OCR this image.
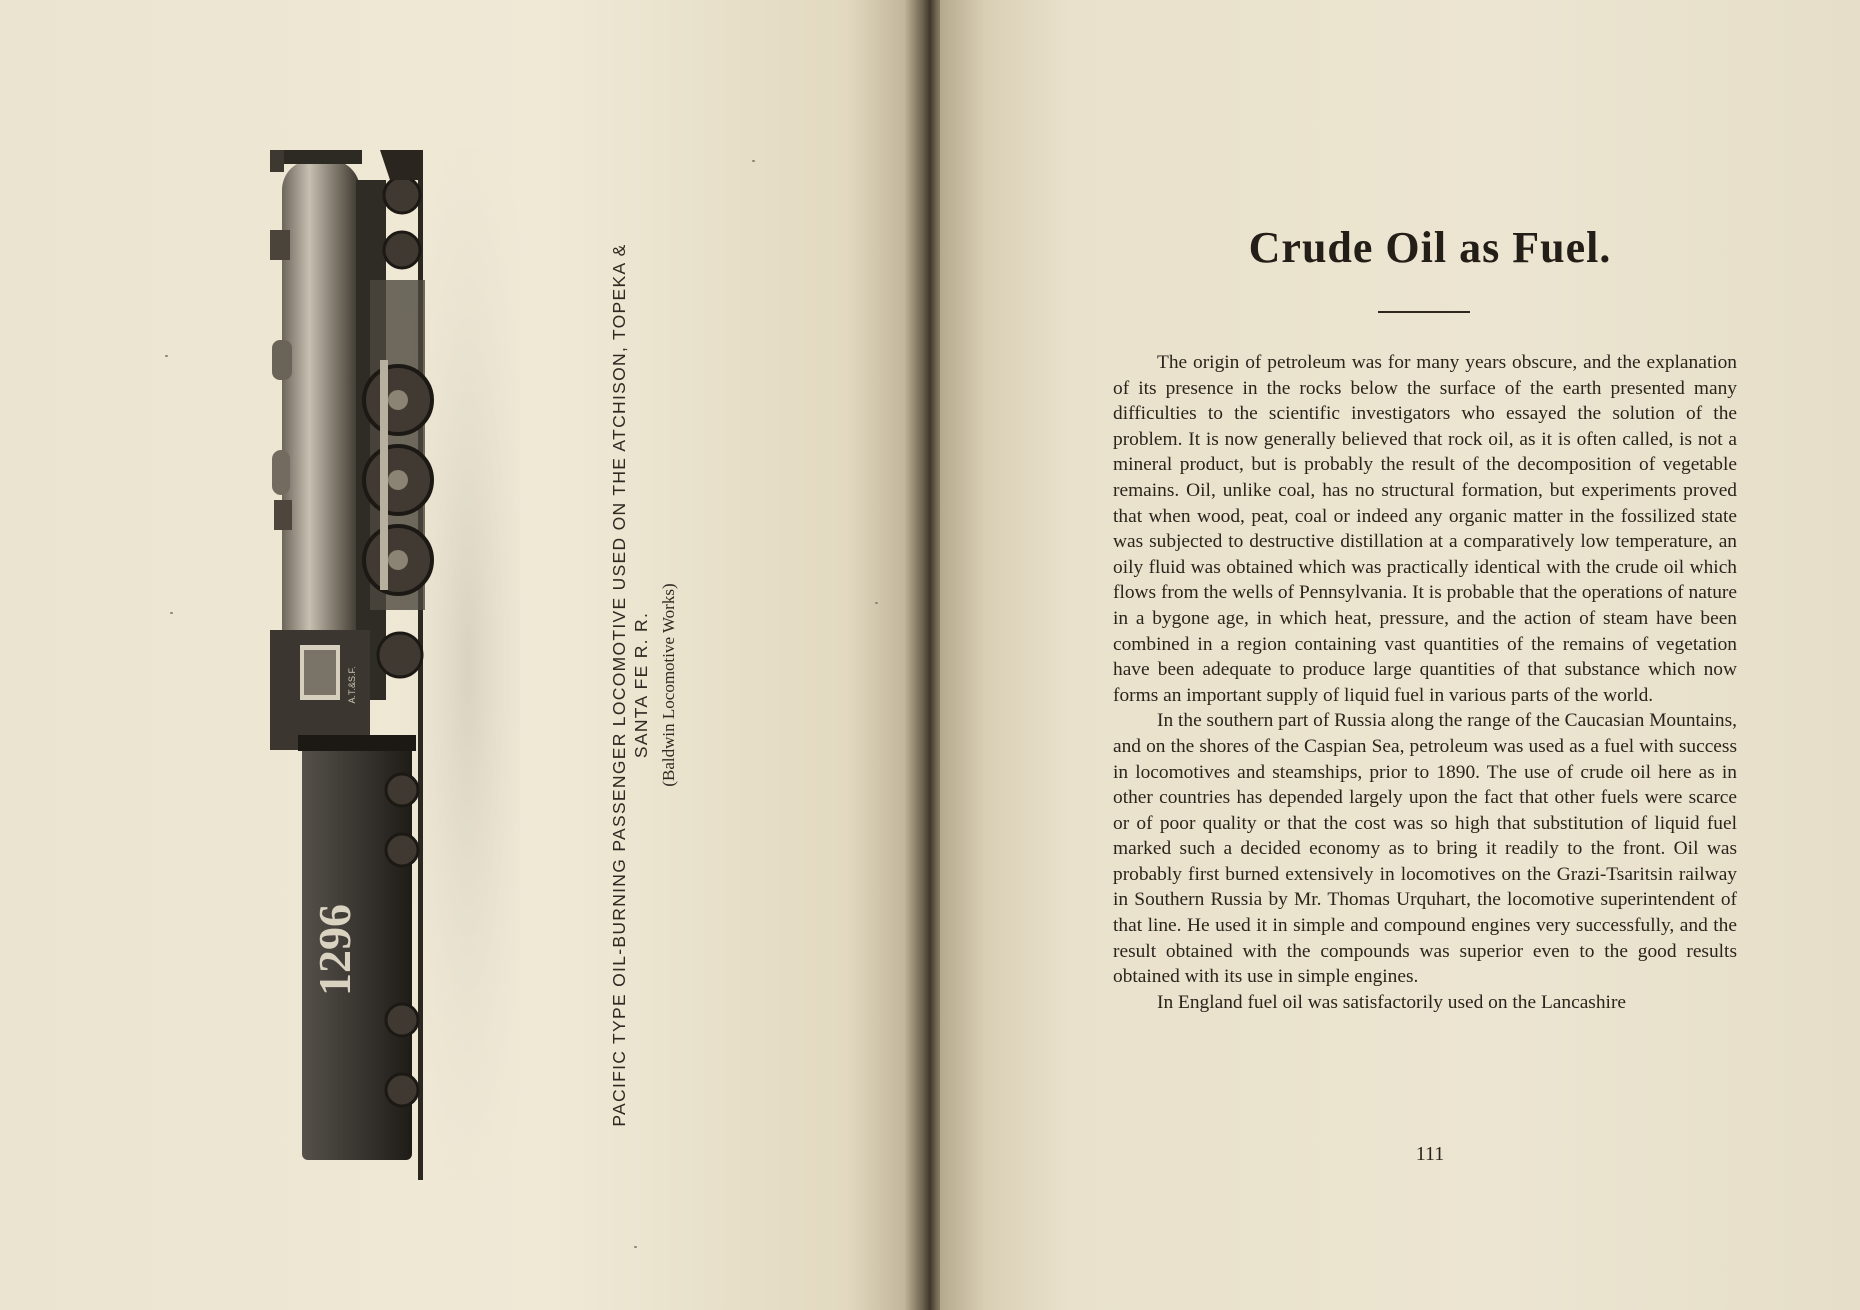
A.T.&S.F.
1296	PACIFIC TYPE OIL-BURNING PASSENGER LOCOMOTIVE USED ON THE ATCHISON, TOPEKA & SANTA FE R. R. (Baldwin Locomotive Works)
Crude Oil as Fuel.

The origin of petroleum was for many years obscure, and the explanation of its presence in the rocks below the surface of the earth presented many difficulties to the scientific investigators who essayed the solution of the problem. It is now generally believed that rock oil, as it is often called, is not a mineral product, but is probably the result of the decomposition of vegetable remains. Oil, unlike coal, has no structural formation, but experiments proved that when wood, peat, coal or indeed any organic matter in the fossilized state was subjected to destructive distillation at a comparatively low temperature, an oily fluid was obtained which was practically identical with the crude oil which flows from the wells of Pennsylvania. It is probable that the operations of nature in a bygone age, in which heat, pressure, and the action of steam have been combined in a region containing vast quantities of the remains of vegetation have been adequate to produce large quantities of that substance which now forms an important supply of liquid fuel in various parts of the world.

In the southern part of Russia along the range of the Caucasian Mountains, and on the shores of the Caspian Sea, petroleum was used as a fuel with success in locomotives and steamships, prior to 1890. The use of crude oil here as in other countries has depended largely upon the fact that other fuels were scarce or of poor quality or that the cost was so high that substitution of liquid fuel marked such a decided economy as to bring it readily to the front. Oil was probably first burned extensively in locomotives on the Grazi-Tsaritsin railway in Southern Russia by Mr. Thomas Urquhart, the locomotive superintendent of that line. He used it in simple and compound engines very successfully, and the result obtained with the compounds was superior even to the good results obtained with its use in simple engines.

In England fuel oil was satisfactorily used on the Lancashire

111
